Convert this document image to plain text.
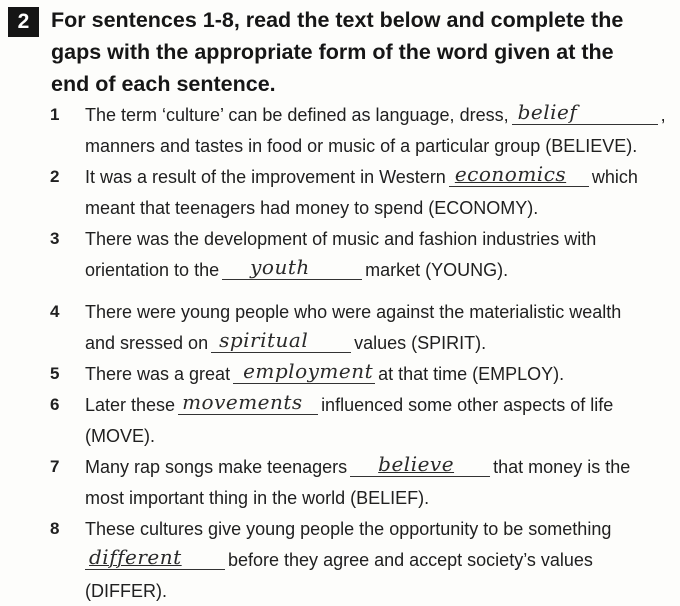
2	For sentences 1-8, read the text below and complete the
gaps with the appropriate form of the word given at the
end of each sentence.
1 The term ‘culture’ can be defined as language, dress, belief	,
manners and tastes in food or music of a particular group (BELIEVE).
2 It was a result of the improvement in Western economics which
meant that teenagers had money to spend (ECONOMY).
3 There was the development of music and fashion industries with
orientation to the youth	market (YOUNG).
4 There were young people who were against the materialistic wealth
and sressed on spiritual	values (SPIRIT).
5 There was a great employment at that time (EMPLOY).
6 Later these movements influenced some other aspects of life
(MOVE).
7 Many rap songs make teenagers believe that money is the
most important thing in the world (BELIEF).
8 These cultures give young people the opportunity to be something
different	before they agree and accept society’s values
(DIFFER).
